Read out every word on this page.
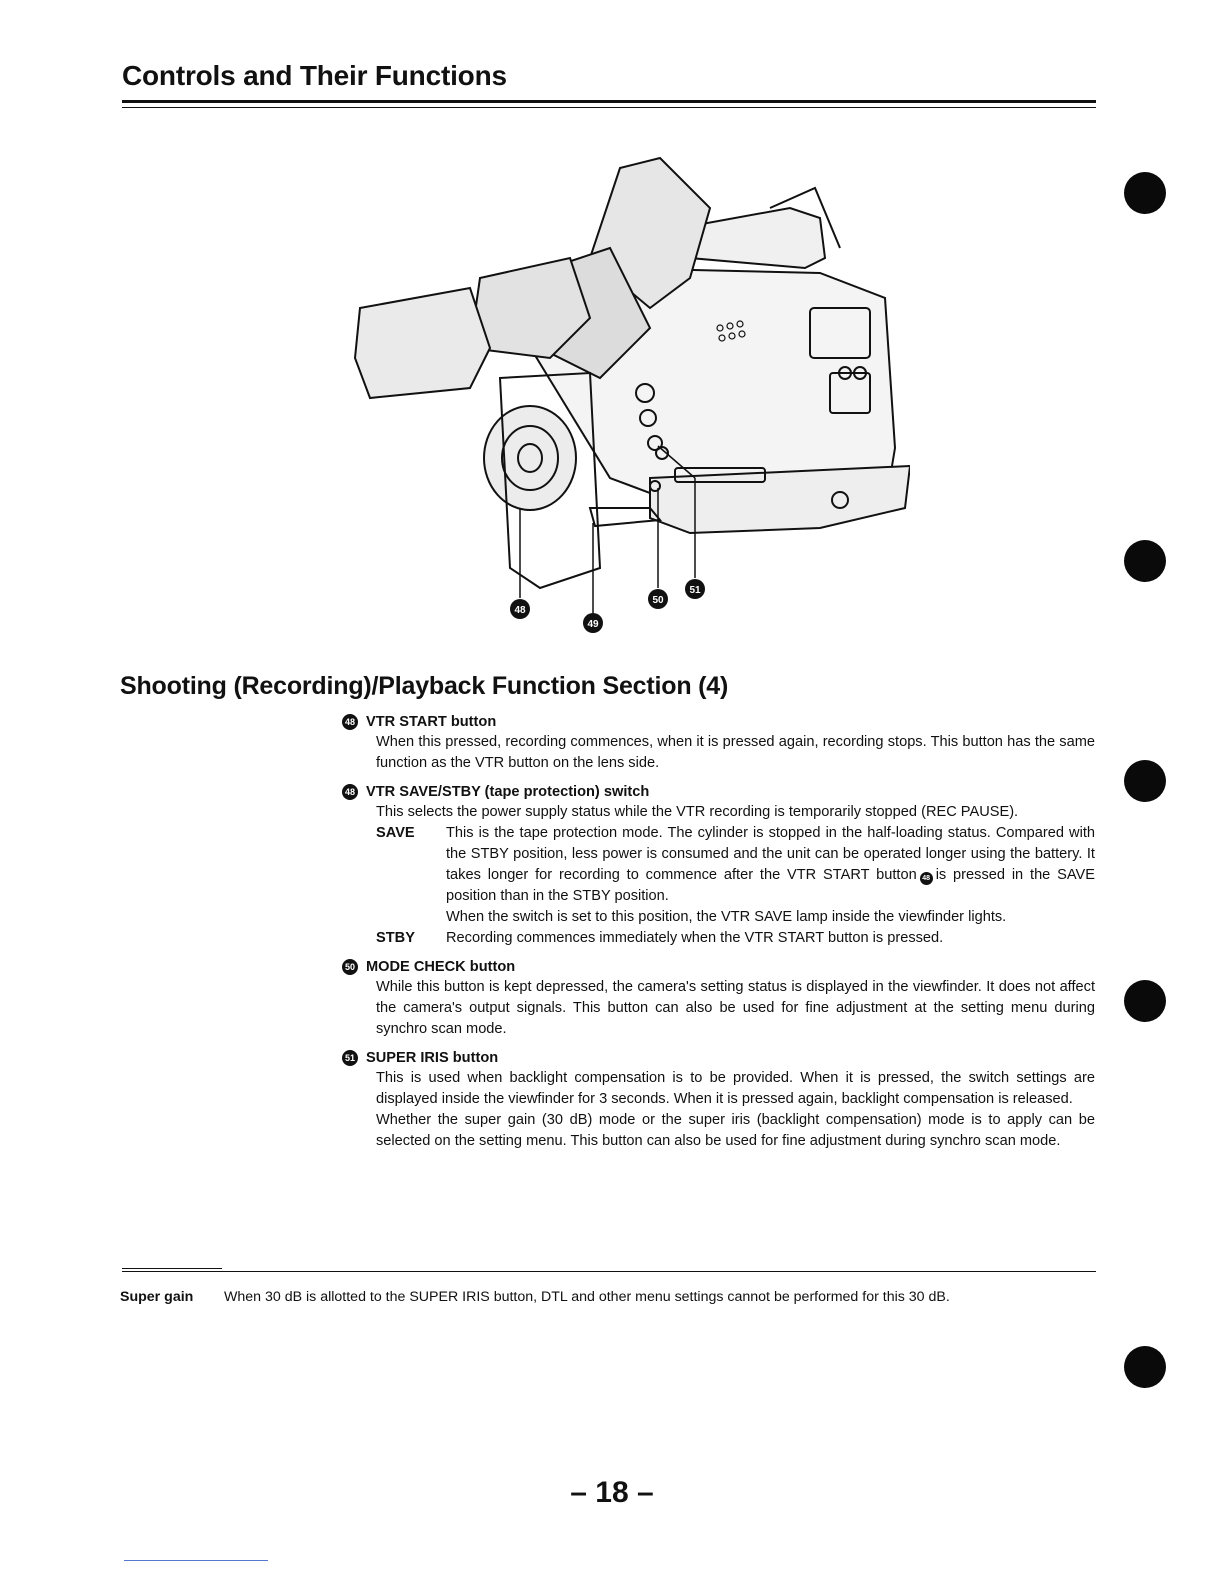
Controls and Their Functions
48
49
50
51
Shooting (Recording)/Playback Function Section (4)
48 VTR START button

When this pressed, recording commences, when it is pressed again, recording stops. This button has the same function as the VTR button on the lens side.

48 VTR SAVE/STBY (tape protection) switch

This selects the power supply status while the VTR recording is temporarily stopped (REC PAUSE).

SAVE	This is the tape protection mode. The cylinder is stopped in the half-loading status. Compared with the STBY position, less power is consumed and the unit can be operated longer using the battery. It takes longer for recording to commence after the VTR START button 48 is pressed in the SAVE position than in the STBY position.

When the switch is set to this position, the VTR SAVE lamp inside the viewfinder lights.

STBY	Recording commences immediately when the VTR START button is pressed.

50 MODE CHECK button

While this button is kept depressed, the camera's setting status is displayed in the viewfinder. It does not affect the camera's output signals. This button can also be used for fine adjustment at the setting menu during synchro scan mode.

51 SUPER IRIS button

This is used when backlight compensation is to be provided. When it is pressed, the switch settings are displayed inside the viewfinder for 3 seconds. When it is pressed again, backlight compensation is released.

Whether the super gain (30 dB) mode or the super iris (backlight compensation) mode is to apply can be selected on the setting menu. This button can also be used for fine adjustment during synchro scan mode.

Super gain	When 30 dB is allotted to the SUPER IRIS button, DTL and other menu settings cannot be performed for this 30 dB.
– 18 –
